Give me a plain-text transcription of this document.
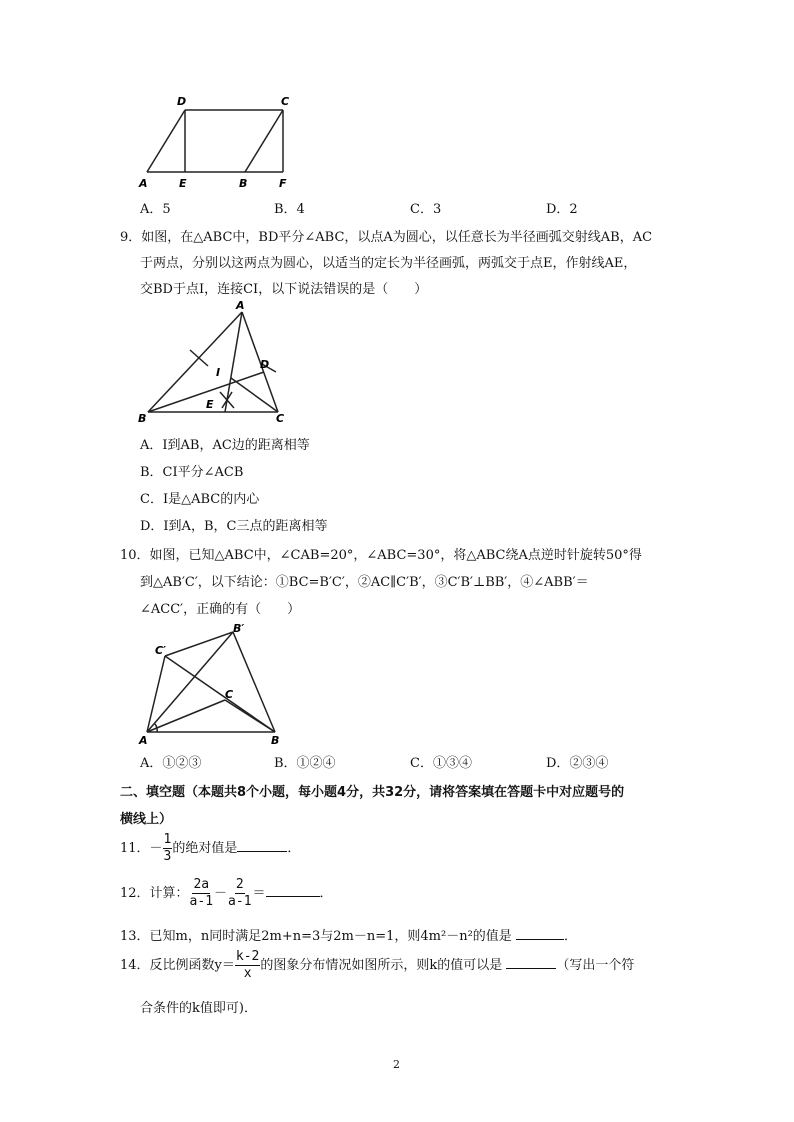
A	E	B	F
D	C
A．5	B．4	C．3	D．2
9．如图，在△ABC中，BD平分∠ABC，以点A为圆心，以任意长为半径画弧交射线AB，AC
于两点，分别以这两点为圆心，以适当的定长为半径画弧，两弧交于点E，作射线AE，
交BD于点I，连接CI，以下说法错误的是（　　）
A
B	C
D
I
E
A．I到AB，AC边的距离相等
B．CI平分∠ACB
C．I是△ABC的内心
D．I到A，B，C三点的距离相等
10．如图，已知△ABC中，∠CAB=20°，∠ABC=30°，将△ABC绕A点逆时针旋转50°得
到△AB′C′，以下结论：①BC=B′C′，②AC∥C′B′，③C′B′⊥BB′，④∠ABB′＝
∠ACC′，正确的有（　　）
A	B
C
C′
B′
A．①②③	B．①②④	C．①③④	D．②③④
二、填空题（本题共8个小题，每小题4分，共32分，请将答案填在答题卡中对应题号的
横线上）
11．－ $\frac{1}{3}$ 的绝对值是	．
12．计算： $\frac{2a}{a-1} - \frac{2}{a-1}$ ＝	．
13．已知m，n同时满足2m+n=3与2m－n=1，则4m²－n²的值是	．
14．反比例函数$y= \frac{k-2}{x}$ 的图象分布情况如图所示，则k的值可以是	（写出一个符
合条件的k值即可)．
2
